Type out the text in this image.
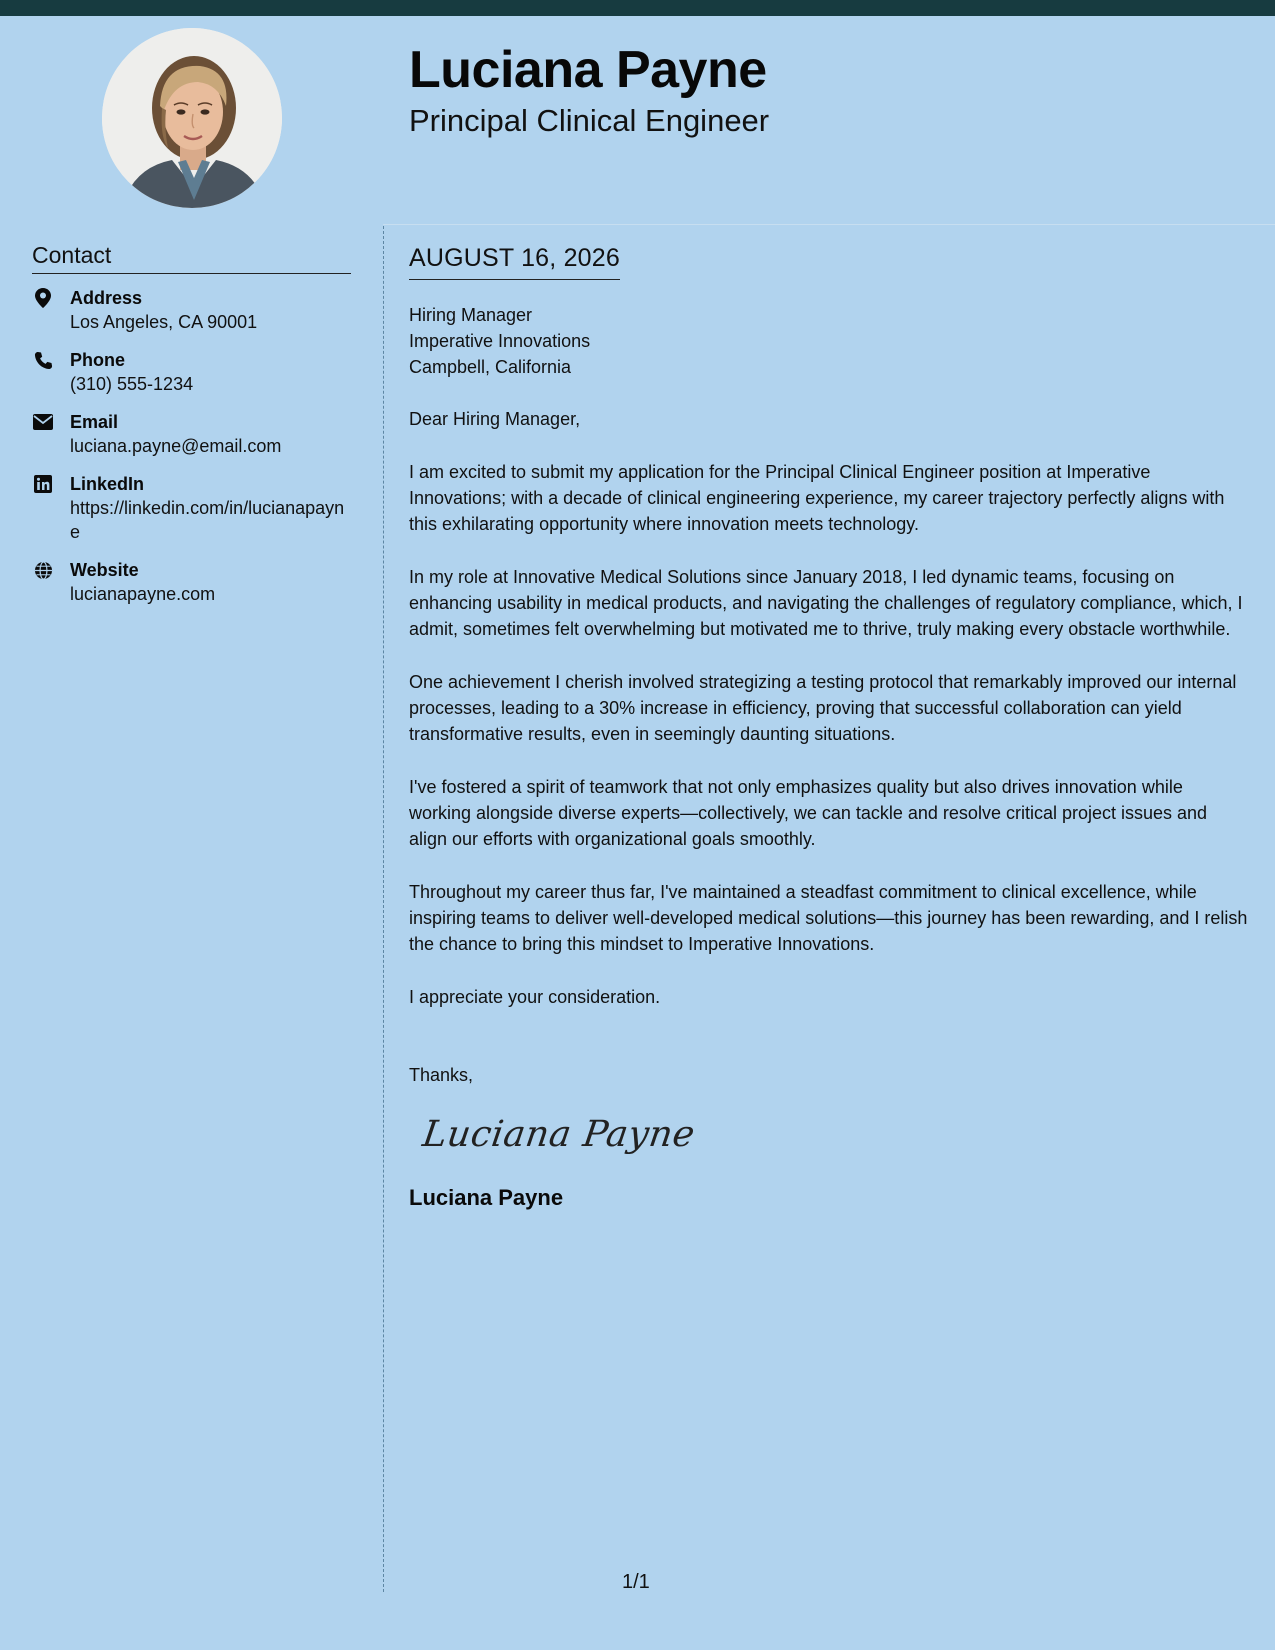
Luciana Payne
Principal Clinical Engineer
Contact
Address
Los Angeles, CA 90001
Phone
(310) 555-1234
Email
luciana.payne@email.com
LinkedIn
https://linkedin.com/in/lucianapayne
Website
lucianapayne.com
AUGUST 16, 2026
Hiring Manager
Imperative Innovations
Campbell, California
Dear Hiring Manager,

I am excited to submit my application for the Principal Clinical Engineer position at Imperative Innovations; with a decade of clinical engineering experience, my career trajectory perfectly aligns with this exhilarating opportunity where innovation meets technology.

In my role at Innovative Medical Solutions since January 2018, I led dynamic teams, focusing on enhancing usability in medical products, and navigating the challenges of regulatory compliance, which, I admit, sometimes felt overwhelming but motivated me to thrive, truly making every obstacle worthwhile.

One achievement I cherish involved strategizing a testing protocol that remarkably improved our internal processes, leading to a 30% increase in efficiency, proving that successful collaboration can yield transformative results, even in seemingly daunting situations.

I've fostered a spirit of teamwork that not only emphasizes quality but also drives innovation while working alongside diverse experts—collectively, we can tackle and resolve critical project issues and align our efforts with organizational goals smoothly.

Throughout my career thus far, I've maintained a steadfast commitment to clinical excellence, while inspiring teams to deliver well-developed medical solutions—this journey has been rewarding, and I relish the chance to bring this mindset to Imperative Innovations.

I appreciate your consideration.
Thanks,
Luciana Payne
Luciana Payne
1/1
